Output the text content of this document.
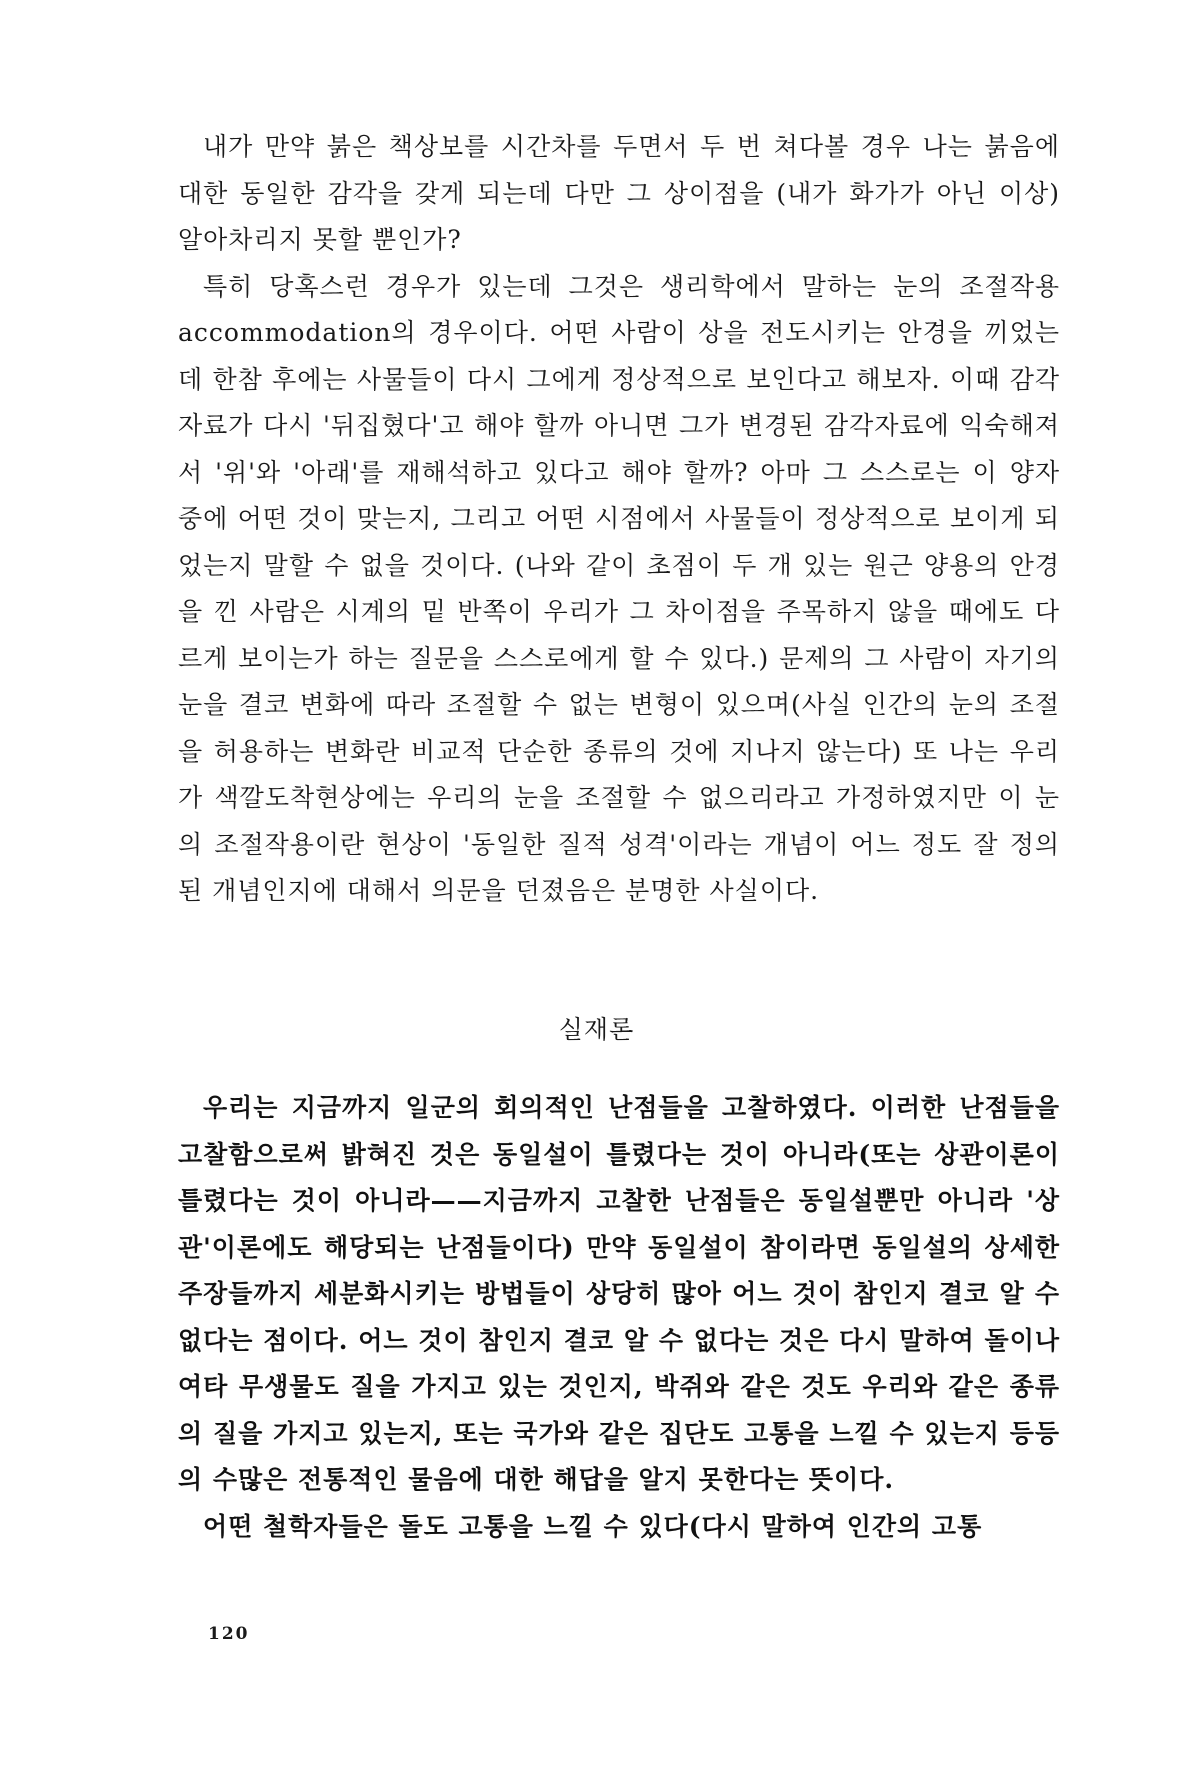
내가 만약 붉은 책상보를 시간차를 두면서 두 번 쳐다볼 경우 나는 붉음에 대한 동일한 감각을 갖게 되는데 다만 그 상이점을 (내가 화가가 아닌 이상) 알아차리지 못할 뿐인가?

특히 당혹스런 경우가 있는데 그것은 생리학에서 말하는 눈의 조절작용accommodation의 경우이다. 어떤 사람이 상을 전도시키는 안경을 끼었는데 한참 후에는 사물들이 다시 그에게 정상적으로 보인다고 해보자. 이때 감각자료가 다시 '뒤집혔다'고 해야 할까 아니면 그가 변경된 감각자료에 익숙해져서 '위'와 '아래'를 재해석하고 있다고 해야 할까? 아마 그 스스로는 이 양자 중에 어떤 것이 맞는지, 그리고 어떤 시점에서 사물들이 정상적으로 보이게 되었는지 말할 수 없을 것이다. (나와 같이 초점이 두 개 있는 원근 양용의 안경을 낀 사람은 시계의 밑 반쪽이 우리가 그 차이점을 주목하지 않을 때에도 다르게 보이는가 하는 질문을 스스로에게 할 수 있다.) 문제의 그 사람이 자기의 눈을 결코 변화에 따라 조절할 수 없는 변형이 있으며(사실 인간의 눈의 조절을 허용하는 변화란 비교적 단순한 종류의 것에 지나지 않는다) 또 나는 우리가 색깔도착현상에는 우리의 눈을 조절할 수 없으리라고 가정하였지만 이 눈의 조절작용이란 현상이 '동일한 질적 성격'이라는 개념이 어느 정도 잘 정의된 개념인지에 대해서 의문을 던졌음은 분명한 사실이다.

실재론

우리는 지금까지 일군의 회의적인 난점들을 고찰하였다. 이러한 난점들을 고찰함으로써 밝혀진 것은 동일설이 틀렸다는 것이 아니라(또는 상관이론이 틀렸다는 것이 아니라——지금까지 고찰한 난점들은 동일설뿐만 아니라 '상관'이론에도 해당되는 난점들이다) 만약 동일설이 참이라면 동일설의 상세한 주장들까지 세분화시키는 방법들이 상당히 많아 어느 것이 참인지 결코 알 수 없다는 점이다. 어느 것이 참인지 결코 알 수 없다는 것은 다시 말하여 돌이나 여타 무생물도 질을 가지고 있는 것인지, 박쥐와 같은 것도 우리와 같은 종류의 질을 가지고 있는지, 또는 국가와 같은 집단도 고통을 느낄 수 있는지 등등의 수많은 전통적인 물음에 대한 해답을 알지 못한다는 뜻이다.

어떤 철학자들은 돌도 고통을 느낄 수 있다(다시 말하여 인간의 고통

120
